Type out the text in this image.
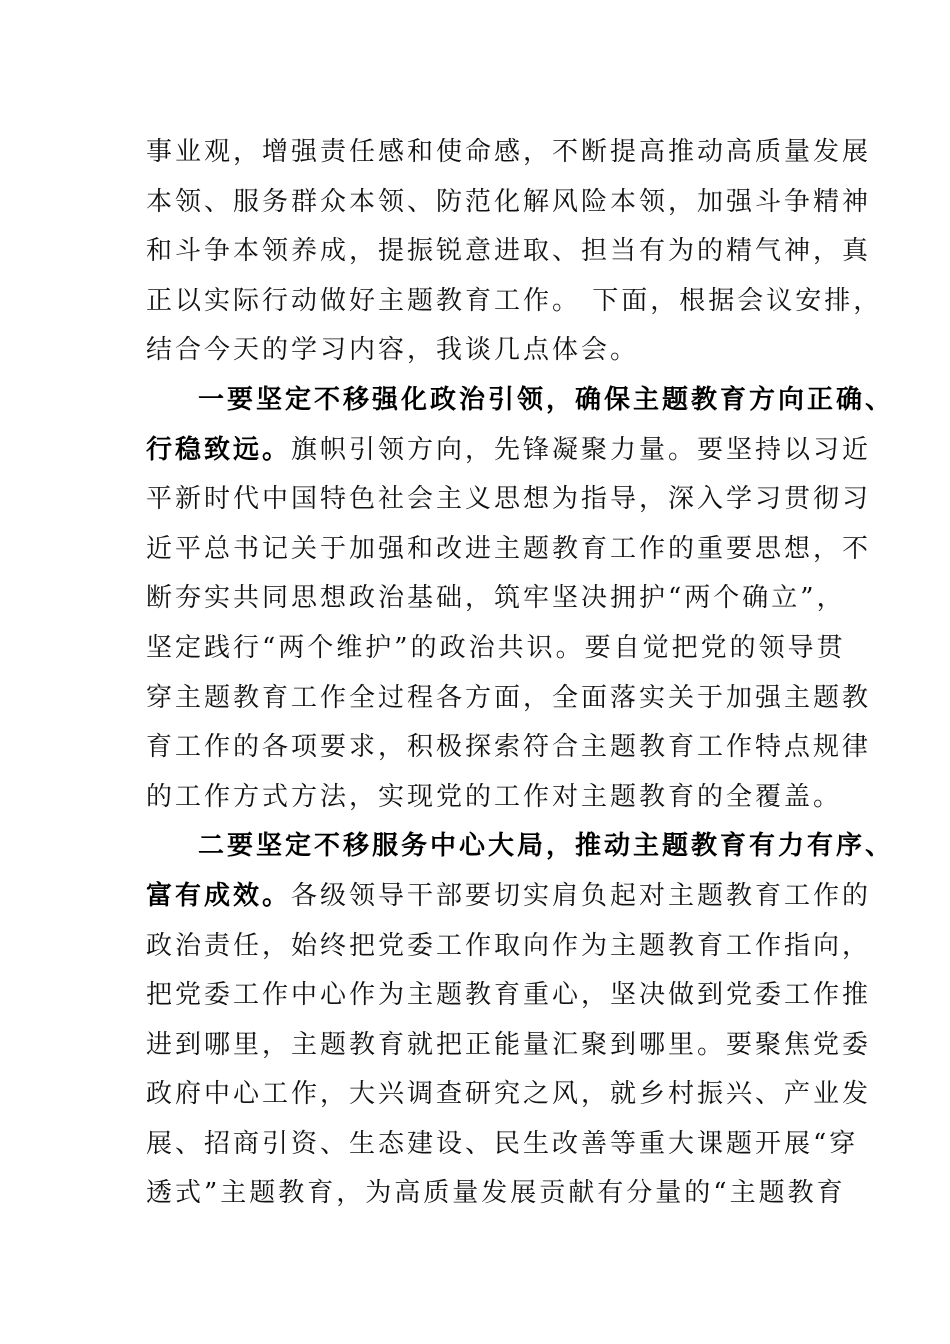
事业观，增强责任感和使命感，不断提高推动高质量发展
本领、服务群众本领、防范化解风险本领，加强斗争精神
和斗争本领养成，提振锐意进取、担当有为的精气神，真
正以实际行动做好主题教育工作。 下面，根据会议安排，
结合今天的学习内容，我谈几点体会。
一要坚定不移强化政治引领，确保主题教育方向正确、
行稳致远。旗帜引领方向，先锋凝聚力量。要坚持以习近
平新时代中国特色社会主义思想为指导，深入学习贯彻习
近平总书记关于加强和改进主题教育工作的重要思想，不
断夯实共同思想政治基础，筑牢坚决拥护“两个确立”，
坚定践行“两个维护”的政治共识。要自觉把党的领导贯
穿主题教育工作全过程各方面，全面落实关于加强主题教
育工作的各项要求，积极探索符合主题教育工作特点规律
的工作方式方法，实现党的工作对主题教育的全覆盖。
二要坚定不移服务中心大局，推动主题教育有力有序、
富有成效。各级领导干部要切实肩负起对主题教育工作的
政治责任，始终把党委工作取向作为主题教育工作指向，
把党委工作中心作为主题教育重心，坚决做到党委工作推
进到哪里，主题教育就把正能量汇聚到哪里。要聚焦党委
政府中心工作，大兴调查研究之风，就乡村振兴、产业发
展、招商引资、生态建设、民生改善等重大课题开展“穿
透式”主题教育，为高质量发展贡献有分量的“主题教育
